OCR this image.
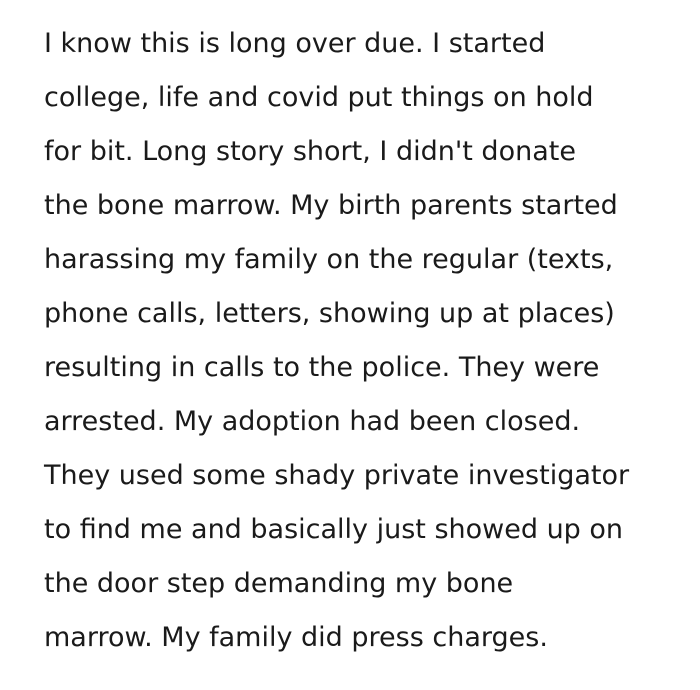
I know this is long over due. I started
college, life and covid put things on hold
for bit. Long story short, I didn't donate
the bone marrow. My birth parents started
harassing my family on the regular (texts,
phone calls, letters, showing up at places)
resulting in calls to the police. They were
arrested. My adoption had been closed.
They used some shady private investigator
to find me and basically just showed up on
the door step demanding my bone
marrow. My family did press charges.
